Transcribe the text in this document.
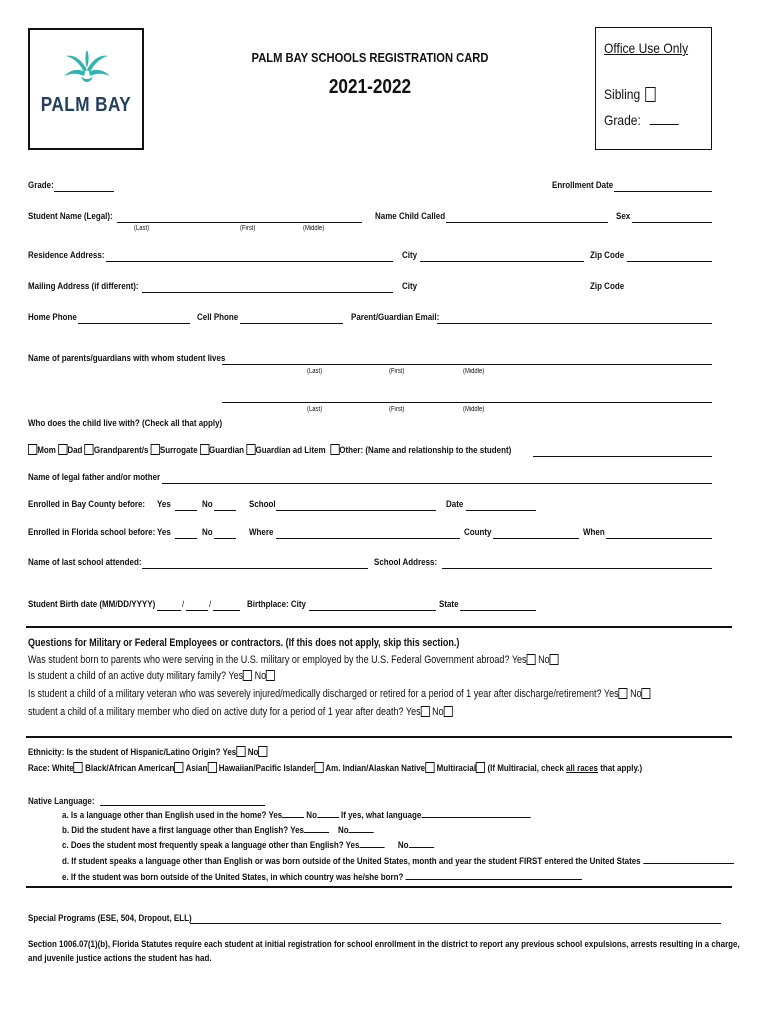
PALM BAY
PALM BAY SCHOOLS REGISTRATION CARD
2021-2022
Office Use Only
Sibling
Grade:
Grade:	Enrollment Date
Student Name (Legal):
(Last)	(First)	(Middle)
Name Child Called	Sex
Residence Address:	City	Zip Code
Mailing Address (if different):	City	Zip Code
Home Phone	Cell Phone	Parent/Guardian Email:
Name of parents/guardians with whom student lives
(Last)	(First)	(Middle)
(Last)	(First)	(Middle)
Who does the child live with? (Check all that apply)
Mom Dad Grandparent/s Surrogate Guardian Guardian ad Litem Other: (Name and relationship to the student)
Name of legal father and/or mother
Enrolled in Bay County before: Yes	No	School	Date
Enrolled in Florida school before: Yes	No	Where	County	When
Name of last school attended:	School Address:
Student Birth date (MM/DD/YYYY)	/	/	Birthplace: City	State
Questions for Military or Federal Employees or contractors. (If this does not apply, skip this section.)
Was student born to parents who were serving in the U.S. military or employed by the U.S. Federal Government abroad? Yes No
Is student a child of an active duty military family? Yes No
Is student a child of a military veteran who was severely injured/medically discharged or retired for a period of 1 year after discharge/retirement? Yes No
student a child of a military member who died on active duty for a period of 1 year after death? Yes No
Ethnicity: Is the student of Hispanic/Latino Origin? Yes No
Race: White Black/African American Asian Hawaiian/Pacific Islander Am. Indian/Alaskan Native Multiracial (If Multiracial, check all races that apply.)
Native Language:
a. Is a language other than English used in the home? Yes	No	If yes, what language
b. Did the student have a first language other than English? Yes	No
c. Does the student most frequently speak a language other than English? Yes	No
d. If student speaks a language other than English or was born outside of the United States, month and year the student FIRST entered the United States
e. If the student was born outside of the United States, in which country was he/she born?
Special Programs (ESE, 504, Dropout, ELL)
Section 1006.07(1)(b), Florida Statutes require each student at initial registration for school enrollment in the district to report any previous school expulsions, arrests resulting in a charge,
and juvenile justice actions the student has had.
